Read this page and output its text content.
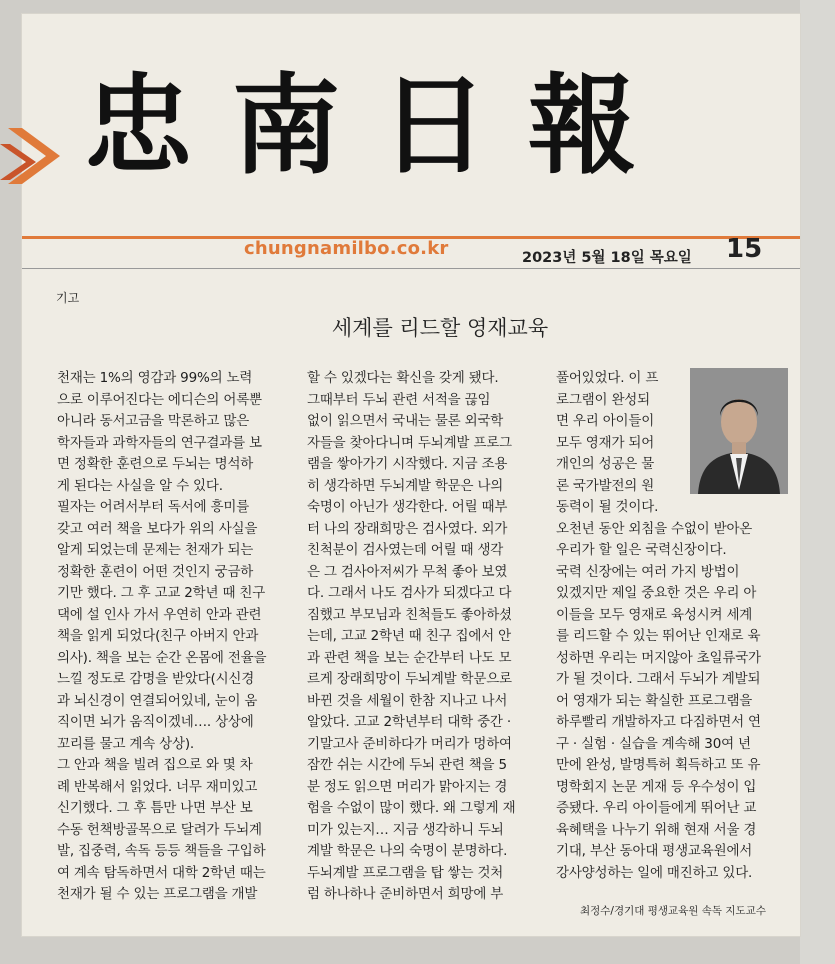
忠 南 日 報
chungnamilbo.co.kr	2023년 5월 18일 목요일 15
기고
세계를 리드할 영재교육
천재는 1%의 영감과 99%의 노력
으로 이루어진다는 에디슨의 어록뿐
아니라 동서고금을 막론하고 많은
학자들과 과학자들의 연구결과를 보
면 정확한 훈련으로 두뇌는 명석하
게 된다는 사실을 알 수 있다.
필자는 어려서부터 독서에 흥미를
갖고 여러 책을 보다가 위의 사실을
알게 되었는데 문제는 천재가 되는
정확한 훈련이 어떤 것인지 궁금하
기만 했다. 그 후 고교 2학년 때 친구
댁에 설 인사 가서 우연히 안과 관련
책을 읽게 되었다(친구 아버지 안과
의사). 책을 보는 순간 온몸에 전율을
느낄 정도로 감명을 받았다(시신경
과 뇌신경이 연결되어있네, 눈이 움
직이면 뇌가 움직이겠네…. 상상에
꼬리를 물고 계속 상상).
그 안과 책을 빌려 집으로 와 몇 차
례 반복해서 읽었다. 너무 재미있고
신기했다. 그 후 틈만 나면 부산 보
수동 헌책방골목으로 달려가 두뇌계
발, 집중력, 속독 등등 책들을 구입하
여 계속 탐독하면서 대학 2학년 때는
천재가 될 수 있는 프로그램을 개발
할 수 있겠다는 확신을 갖게 됐다.
그때부터 두뇌 관련 서적을 끊임
없이 읽으면서 국내는 물론 외국학
자들을 찾아다니며 두뇌계발 프로그
램을 쌓아가기 시작했다. 지금 조용
히 생각하면 두뇌계발 학문은 나의
숙명이 아닌가 생각한다. 어릴 때부
터 나의 장래희망은 검사였다. 외가
친척분이 검사였는데 어릴 때 생각
은 그 검사아저씨가 무척 좋아 보였
다. 그래서 나도 검사가 되겠다고 다
짐했고 부모님과 친척들도 좋아하셨
는데, 고교 2학년 때 친구 집에서 안
과 관련 책을 보는 순간부터 나도 모
르게 장래희망이 두뇌계발 학문으로
바뀐 것을 세월이 한참 지나고 나서
알았다. 고교 2학년부터 대학 중간 ·
기말고사 준비하다가 머리가 멍하여
잠깐 쉬는 시간에 두뇌 관련 책을 5
분 정도 읽으면 머리가 맑아지는 경
험을 수없이 많이 했다. 왜 그렇게 재
미가 있는지… 지금 생각하니 두뇌
계발 학문은 나의 숙명이 분명하다.
두뇌계발 프로그램을 탑 쌓는 것처
럼 하나하나 준비하면서 희망에 부
풀어있었다. 이 프
로그램이 완성되
면 우리 아이들이
모두 영재가 되어
개인의 성공은 물
론 국가발전의 원
동력이 될 것이다.
오천년 동안 외침을 수없이 받아온
우리가 할 일은 국력신장이다.
국력 신장에는 여러 가지 방법이
있겠지만 제일 중요한 것은 우리 아
이들을 모두 영재로 육성시켜 세계
를 리드할 수 있는 뛰어난 인재로 육
성하면 우리는 머지않아 초일류국가
가 될 것이다. 그래서 두뇌가 계발되
어 영재가 되는 확실한 프로그램을
하루빨리 개발하자고 다짐하면서 연
구 · 실험 · 실습을 계속해 30여 년
만에 완성, 발명특허 획득하고 또 유
명학회지 논문 게재 등 우수성이 입
증됐다. 우리 아이들에게 뛰어난 교
육혜택을 나누기 위해 현재 서울 경
기대, 부산 동아대 평생교육원에서
강사양성하는 일에 매진하고 있다.
최정수/경기대 평생교육원 속독 지도교수
